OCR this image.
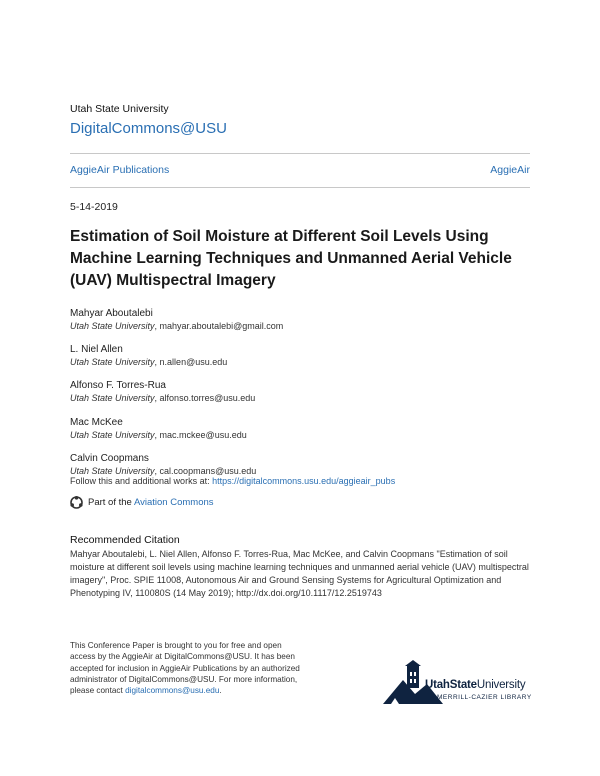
Utah State University
DigitalCommons@USU
AggieAir Publications	AggieAir
5-14-2019
Estimation of Soil Moisture at Different Soil Levels Using Machine Learning Techniques and Unmanned Aerial Vehicle (UAV) Multispectral Imagery
Mahyar Aboutalebi
Utah State University, mahyar.aboutalebi@gmail.com
L. Niel Allen
Utah State University, n.allen@usu.edu
Alfonso F. Torres-Rua
Utah State University, alfonso.torres@usu.edu
Mac McKee
Utah State University, mac.mckee@usu.edu
Calvin Coopmans
Utah State University, cal.coopmans@usu.edu
Follow this and additional works at: https://digitalcommons.usu.edu/aggieair_pubs
Part of the Aviation Commons
Recommended Citation
Mahyar Aboutalebi, L. Niel Allen, Alfonso F. Torres-Rua, Mac McKee, and Calvin Coopmans "Estimation of soil moisture at different soil levels using machine learning techniques and unmanned aerial vehicle (UAV) multispectral imagery", Proc. SPIE 11008, Autonomous Air and Ground Sensing Systems for Agricultural Optimization and Phenotyping IV, 110080S (14 May 2019); http://dx.doi.org/10.1117/12.2519743
This Conference Paper is brought to you for free and open access by the AggieAir at DigitalCommons@USU. It has been accepted for inclusion in AggieAir Publications by an authorized administrator of DigitalCommons@USU. For more information, please contact digitalcommons@usu.edu.	UtahStateUniversity
MERRILL-CAZIER LIBRARY
